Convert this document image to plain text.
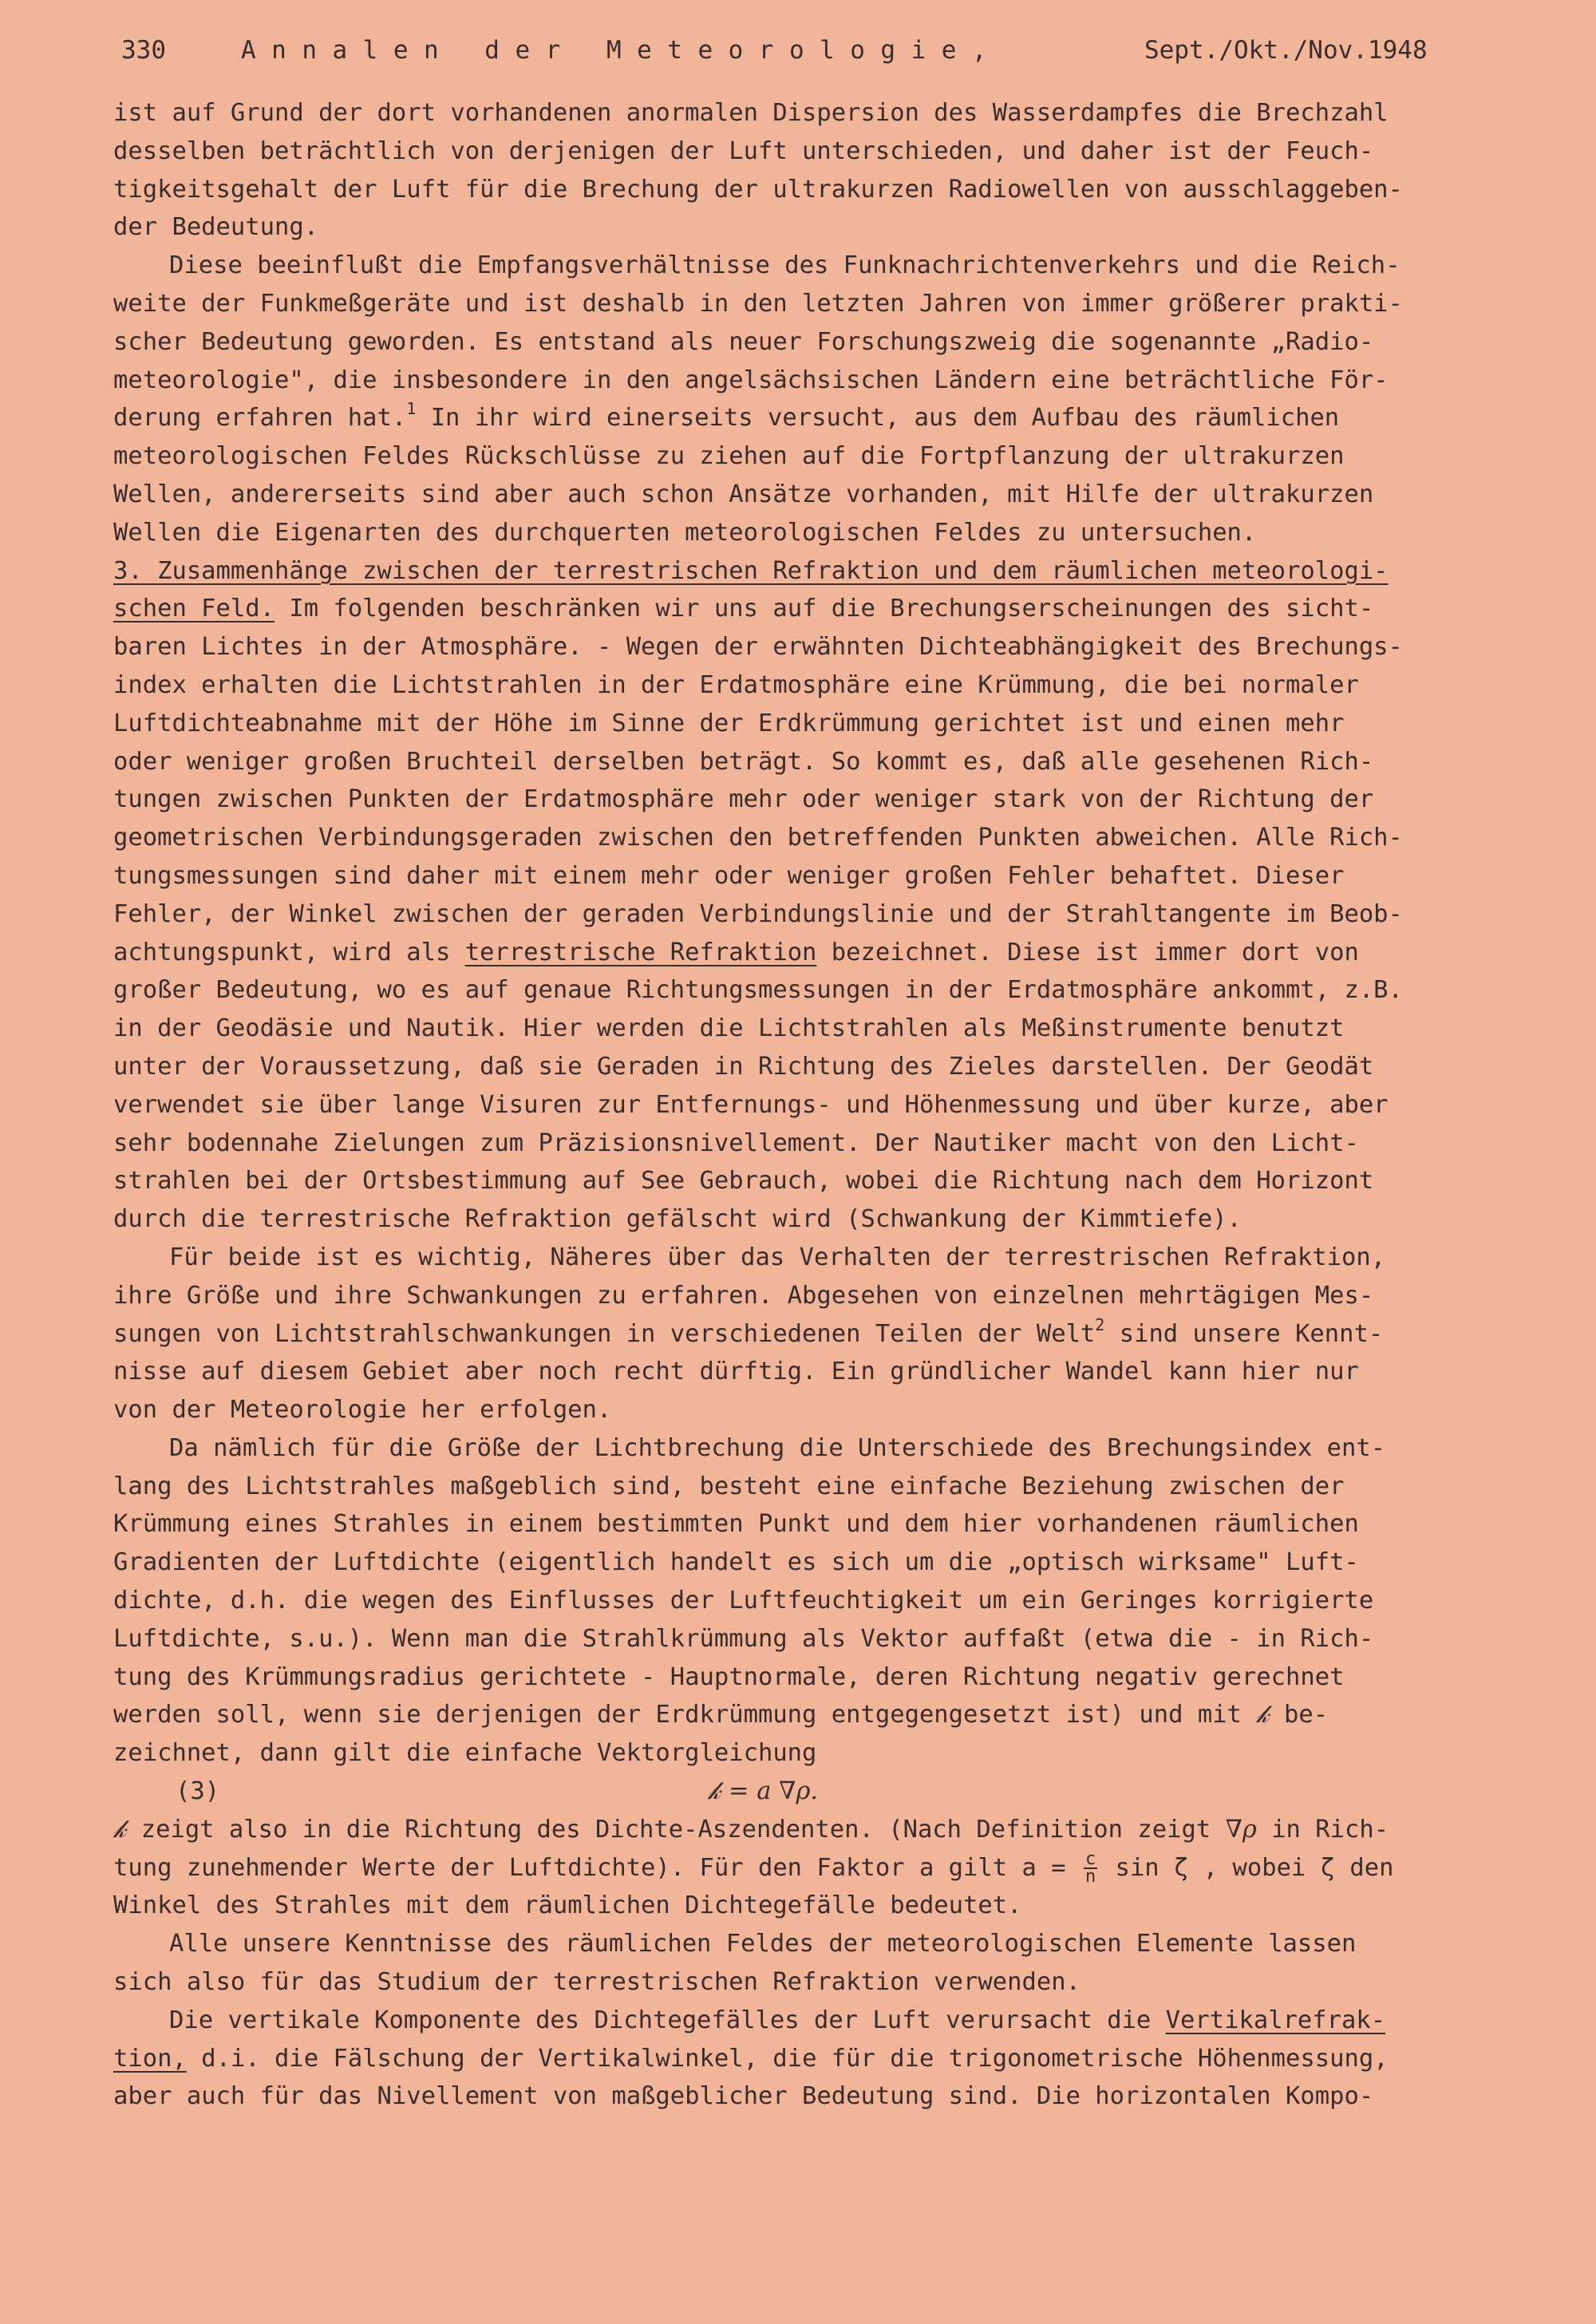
330	Annalen der Meteorologie,	Sept./Okt./Nov.1948
ist auf Grund der dort vorhandenen anormalen Dispersion des Wasserdampfes die Brechzahl
desselben beträchtlich von derjenigen der Luft unterschieden, und daher ist der Feuch-
tigkeitsgehalt der Luft für die Brechung der ultrakurzen Radiowellen von ausschlaggeben-
der Bedeutung.
Diese beeinflußt die Empfangsverhältnisse des Funknachrichtenverkehrs und die Reich-
weite der Funkmeßgeräte und ist deshalb in den letzten Jahren von immer größerer prakti-
scher Bedeutung geworden. Es entstand als neuer Forschungszweig die sogenannte „Radio-
meteorologie", die insbesondere in den angelsächsischen Ländern eine beträchtliche För-
derung erfahren hat.$^1$ In ihr wird einerseits versucht, aus dem Aufbau des räumlichen
meteorologischen Feldes Rückschlüsse zu ziehen auf die Fortpflanzung der ultrakurzen
Wellen, andererseits sind aber auch schon Ansätze vorhanden, mit Hilfe der ultrakurzen
Wellen die Eigenarten des durchquerten meteorologischen Feldes zu untersuchen.
3. Zusammenhänge zwischen der terrestrischen Refraktion und dem räumlichen meteorologi-
schen Feld. Im folgenden beschränken wir uns auf die Brechungserscheinungen des sicht-
baren Lichtes in der Atmosphäre. - Wegen der erwähnten Dichteabhängigkeit des Brechungs-
index erhalten die Lichtstrahlen in der Erdatmosphäre eine Krümmung, die bei normaler
Luftdichteabnahme mit der Höhe im Sinne der Erdkrümmung gerichtet ist und einen mehr
oder weniger großen Bruchteil derselben beträgt. So kommt es, daß alle gesehenen Rich-
tungen zwischen Punkten der Erdatmosphäre mehr oder weniger stark von der Richtung der
geometrischen Verbindungsgeraden zwischen den betreffenden Punkten abweichen. Alle Rich-
tungsmessungen sind daher mit einem mehr oder weniger großen Fehler behaftet. Dieser
Fehler, der Winkel zwischen der geraden Verbindungslinie und der Strahltangente im Beob-
achtungspunkt, wird als terrestrische Refraktion bezeichnet. Diese ist immer dort von
großer Bedeutung, wo es auf genaue Richtungsmessungen in der Erdatmosphäre ankommt, z.B.
in der Geodäsie und Nautik. Hier werden die Lichtstrahlen als Meßinstrumente benutzt
unter der Voraussetzung, daß sie Geraden in Richtung des Zieles darstellen. Der Geodät
verwendet sie über lange Visuren zur Entfernungs- und Höhenmessung und über kurze, aber
sehr bodennahe Zielungen zum Präzisionsnivellement. Der Nautiker macht von den Licht-
strahlen bei der Ortsbestimmung auf See Gebrauch, wobei die Richtung nach dem Horizont
durch die terrestrische Refraktion gefälscht wird (Schwankung der Kimmtiefe).
Für beide ist es wichtig, Näheres über das Verhalten der terrestrischen Refraktion,
ihre Größe und ihre Schwankungen zu erfahren. Abgesehen von einzelnen mehrtägigen Mes-
sungen von Lichtstrahlschwankungen in verschiedenen Teilen der Welt$^2$ sind unsere Kennt-
nisse auf diesem Gebiet aber noch recht dürftig. Ein gründlicher Wandel kann hier nur
von der Meteorologie her erfolgen.
Da nämlich für die Größe der Lichtbrechung die Unterschiede des Brechungsindex ent-
lang des Lichtstrahles maßgeblich sind, besteht eine einfache Beziehung zwischen der
Krümmung eines Strahles in einem bestimmten Punkt und dem hier vorhandenen räumlichen
Gradienten der Luftdichte (eigentlich handelt es sich um die „optisch wirksame" Luft-
dichte, d.h. die wegen des Einflusses der Luftfeuchtigkeit um ein Geringes korrigierte
Luftdichte, s.u.). Wenn man die Strahlkrümmung als Vektor auffaßt (etwa die - in Rich-
tung des Krümmungsradius gerichtete - Hauptnormale, deren Richtung negativ gerechnet
werden soll, wenn sie derjenigen der Erdkrümmung entgegengesetzt ist) und mit 𝓀 be-
zeichnet, dann gilt die einfache Vektorgleichung
(3)	𝓀 = a ∇ρ.
𝓀 zeigt also in die Richtung des Dichte-Aszendenten. (Nach Definition zeigt ∇ρ in Rich-
tung zunehmender Werte der Luftdichte). Für den Faktor a gilt $a = \frac{c}{n}$ sin ζ , wobei ζ den
Winkel des Strahles mit dem räumlichen Dichtegefälle bedeutet.
Alle unsere Kenntnisse des räumlichen Feldes der meteorologischen Elemente lassen
sich also für das Studium der terrestrischen Refraktion verwenden.
Die vertikale Komponente des Dichtegefälles der Luft verursacht die Vertikalrefrak-
tion, d.i. die Fälschung der Vertikalwinkel, die für die trigonometrische Höhenmessung,
aber auch für das Nivellement von maßgeblicher Bedeutung sind. Die horizontalen Kompo-
